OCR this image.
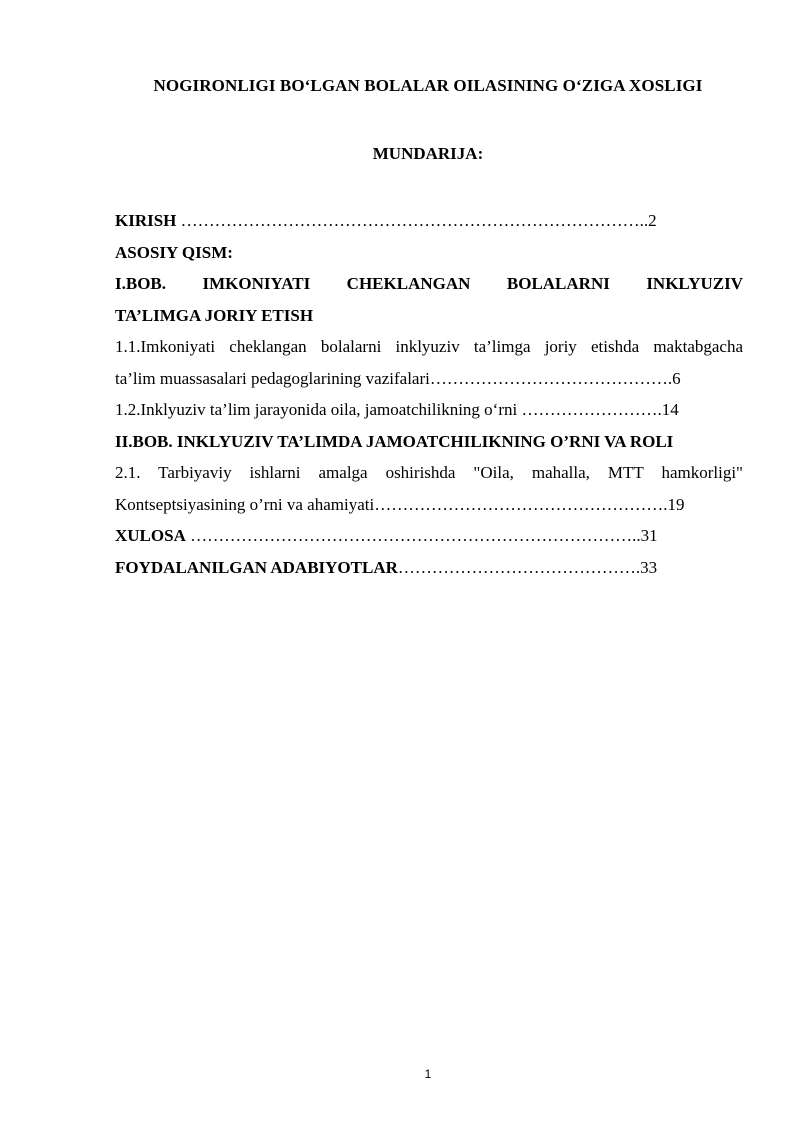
NOGIRONLIGI BO‘LGAN BOLALAR OILASINING O‘ZIGA XOSLIGI
MUNDARIJA:
KIRISH ………………………………………………………………………..2
ASOSIY QISM:
I.BOB. IMKONIYATI CHEKLANGAN BOLALARNI INKLYUZIV
TA’LIMGA JORIY ETISH
1.1.Imkoniyati cheklangan bolalarni inklyuziv ta’limga joriy etishda maktabgacha
ta’lim muassasalari pedagoglarining vazifalari…………………………………….6
1.2.Inklyuziv ta’lim jarayonida oila, jamoatchilikning o‘rni …………………….14
II.BOB. INKLYUZIV TA’LIMDA JAMOATCHILIKNING O’RNI VA ROLI
2.1. Tarbiyaviy ishlarni amalga oshirishda "Oila, mahalla, MTT hamkorligi"
Kontseptsiyasining o’rni va ahamiyati…………………………………………….19
XULOSA ……………………………………………………………………..31
FOYDALANILGAN ADABIYOTLAR…………………………………….33
1
